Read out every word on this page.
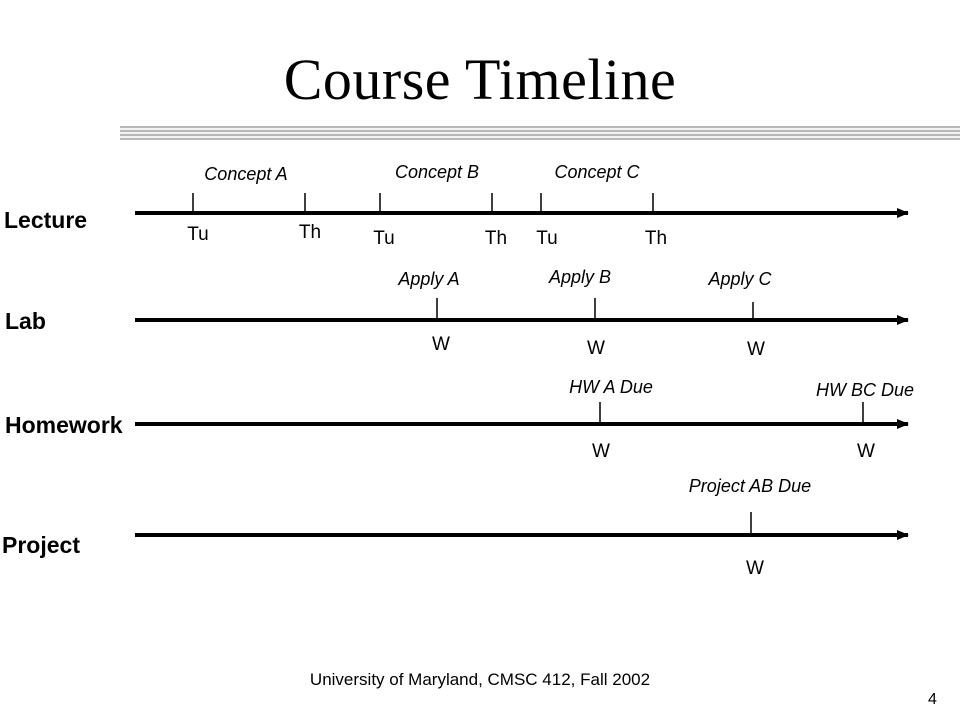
Course Timeline
Lecture
Lab
Homework
Project
Concept A	Concept B	Concept C
Tu	Th	Tu	Th Tu	Th
Apply A	Apply B	Apply C
W	W	W
HW A Due	HW BC Due
W	W
Project AB Due
W
University of Maryland, CMSC 412, Fall 2002
4
